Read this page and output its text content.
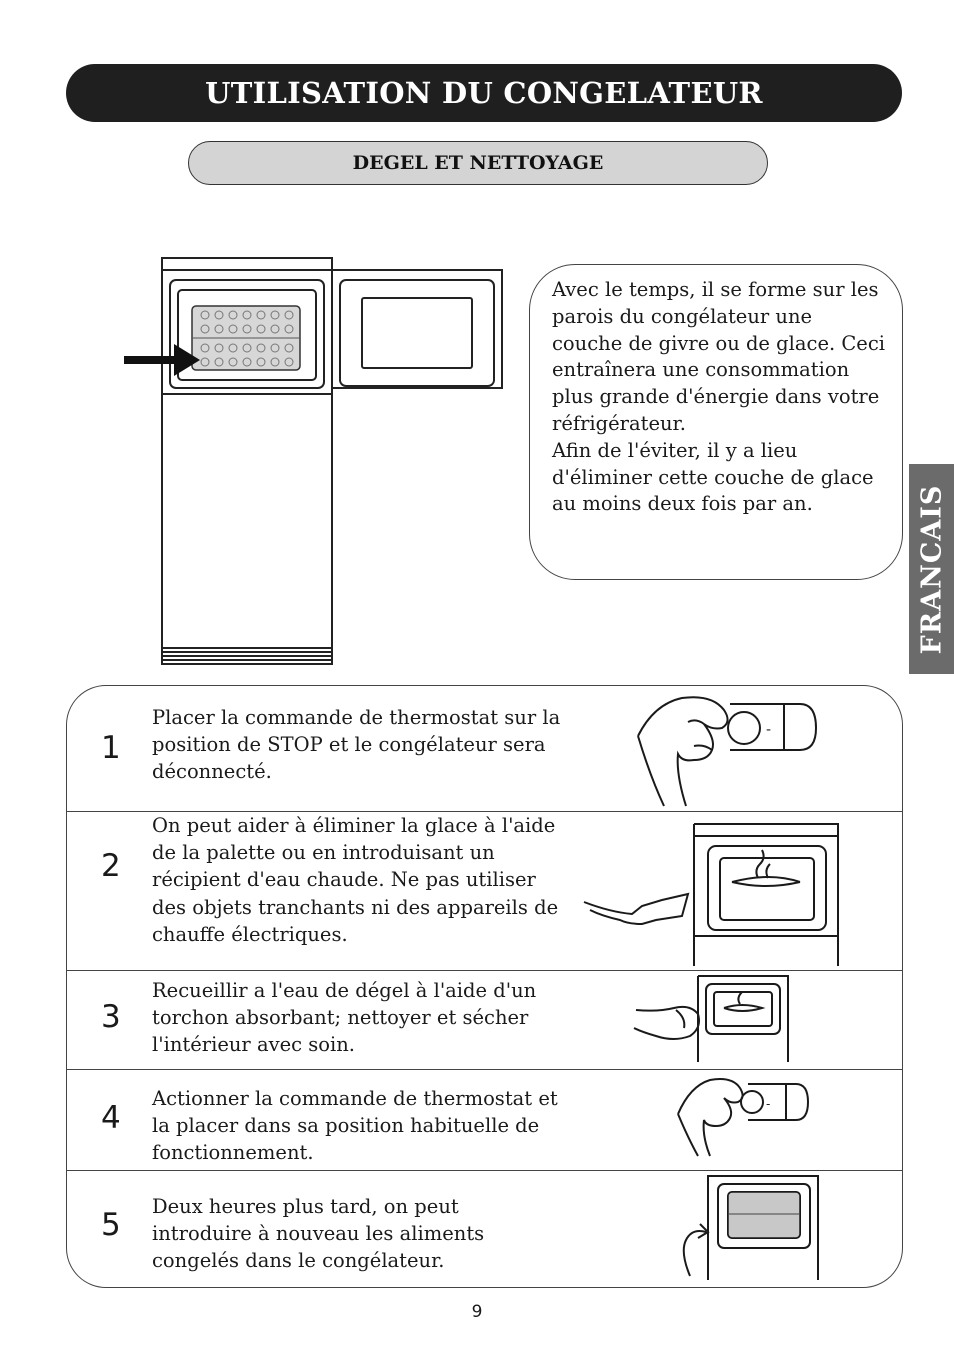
UTILISATION DU CONGELATEUR
DEGEL ET NETTOYAGE

Avec le temps, il se forme sur les parois du congélateur une couche de givre ou de glace. Ceci entraînera une consommation plus grande d'énergie dans votre réfrigérateur.

Afin de l'éviter, il y a lieu d'éliminer cette couche de glace au moins deux fois par an.	FRANCAIS
1

Placer la commande de thermostat sur la position de STOP et le congélateur sera déconnecté.

2

On peut aider à éliminer la glace à l'aide de la palette ou en introduisant un récipient d'eau chaude. Ne pas utiliser des objets tranchants ni des appareils de chauffe électriques.

3

Recueillir a l'eau de dégel à l'aide d'un torchon absorbant; nettoyer et sécher l'intérieur avec soin.

4

Actionner la commande de thermostat et la placer dans sa position habituelle de fonctionnement.

5

Deux heures plus tard, on peut introduire à nouveau les aliments congelés dans le congélateur.

-
-
9
